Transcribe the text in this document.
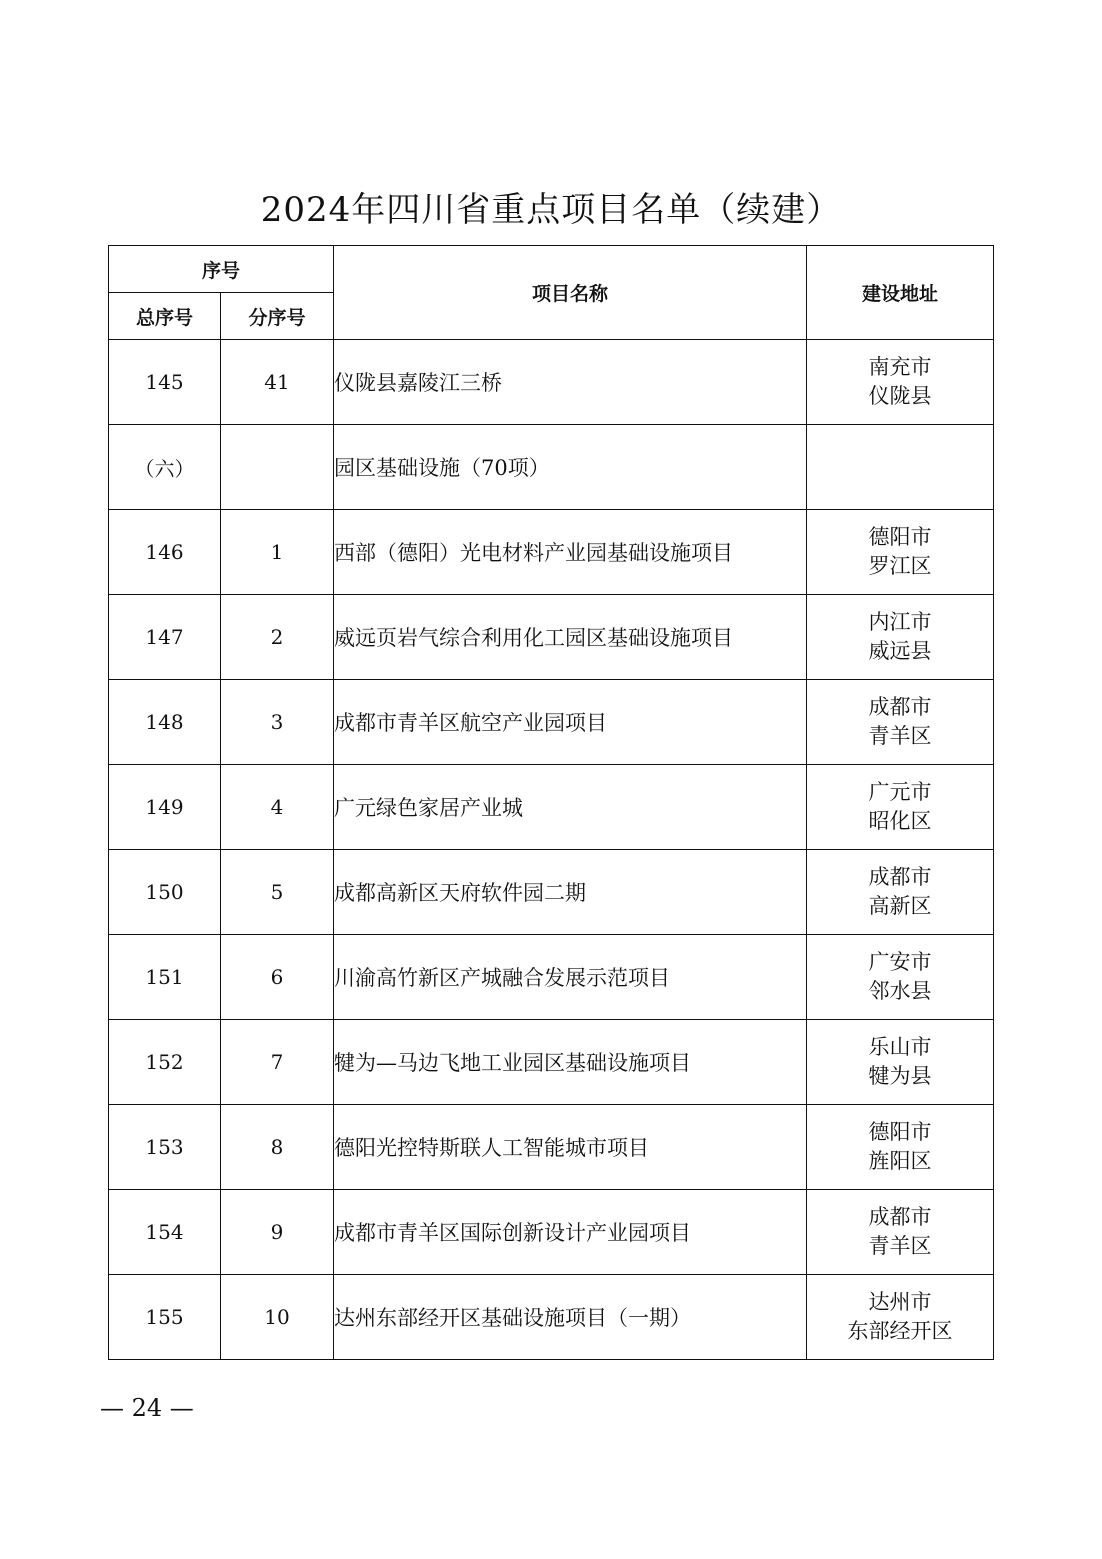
2024年四川省重点项目名单（续建）
序号		项目名称	建设地址
总序号	分序号		
145	41	仪陇县嘉陵江三桥	南充市
仪陇县

（六）		园区基础设施（70项）	

146	1	西部（德阳）光电材料产业园基础设施项目	德阳市
罗江区

147	2	威远页岩气综合利用化工园区基础设施项目	内江市
威远县

148	3	成都市青羊区航空产业园项目	成都市
青羊区

149	4	广元绿色家居产业城	广元市
昭化区

150	5	成都高新区天府软件园二期	成都市
高新区

151	6	川渝高竹新区产城融合发展示范项目	广安市
邻水县

152	7	犍为—马边飞地工业园区基础设施项目	乐山市
犍为县

153	8	德阳光控特斯联人工智能城市项目	德阳市
旌阳区

154	9	成都市青羊区国际创新设计产业园项目	成都市
青羊区

155	10	达州东部经开区基础设施项目（一期）	达州市
东部经开区
— 24 —
